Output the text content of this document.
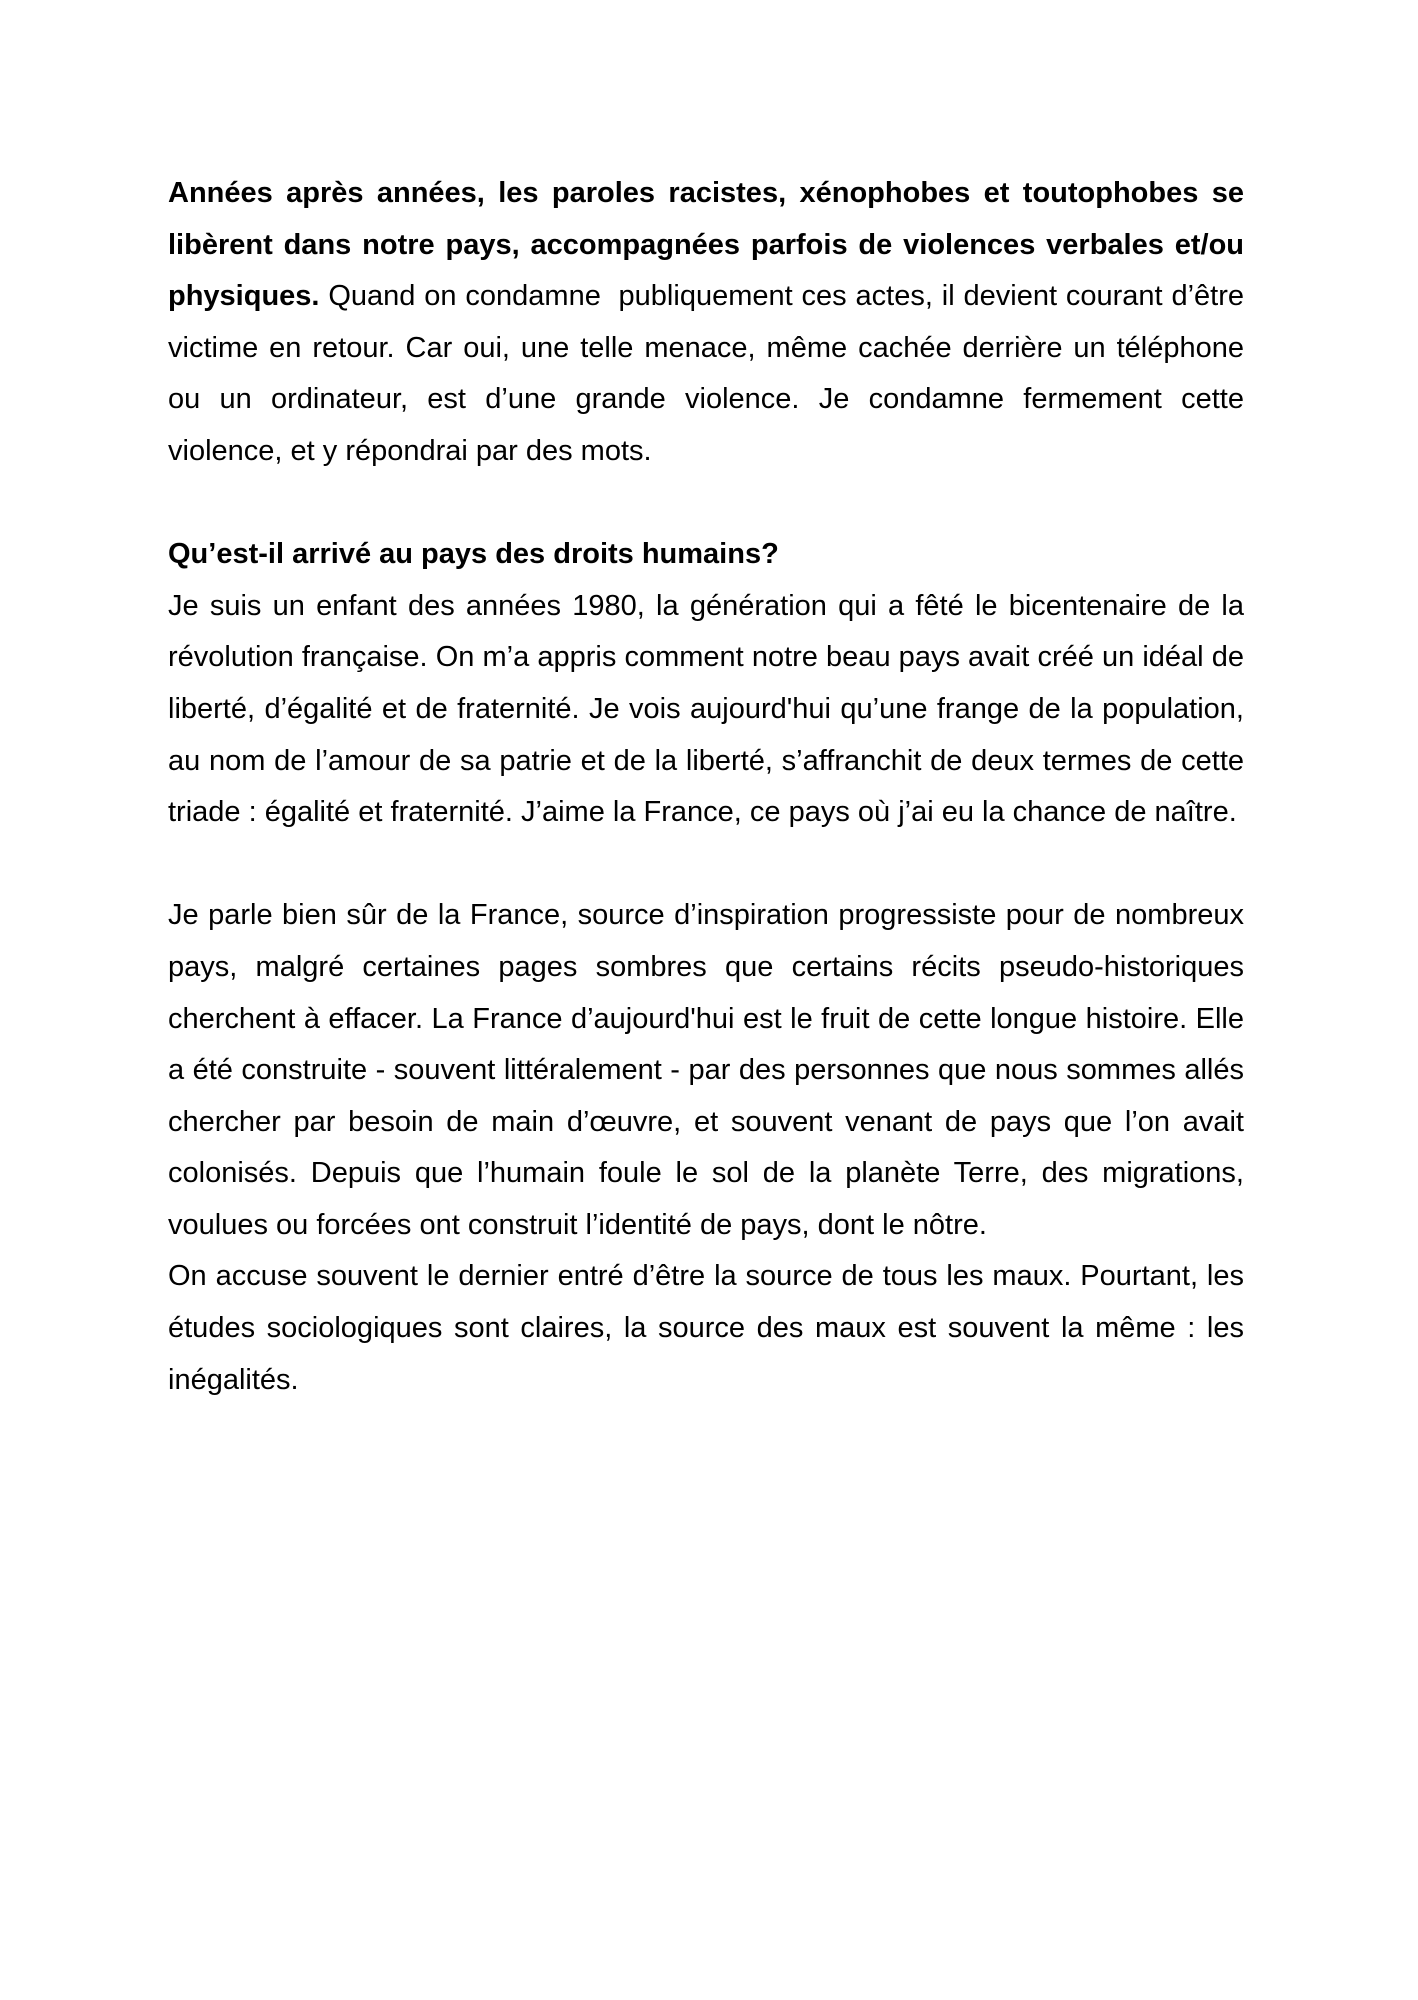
Années après années, les paroles racistes, xénophobes et toutophobes se libèrent dans notre pays, accompagnées parfois de violences verbales et/ou physiques. Quand on condamne  publiquement ces actes, il devient courant d’être victime en retour. Car oui, une telle menace, même cachée derrière un téléphone ou un ordinateur, est d’une grande violence. Je condamne fermement cette violence, et y répondrai par des mots.

Qu’est-il arrivé au pays des droits humains?

Je suis un enfant des années 1980, la génération qui a fêté le bicentenaire de la révolution française. On m’a appris comment notre beau pays avait créé un idéal de liberté, d’égalité et de fraternité. Je vois aujourd'hui qu’une frange de la population, au nom de l’amour de sa patrie et de la liberté, s’affranchit de deux termes de cette triade : égalité et fraternité. J’aime la France, ce pays où j’ai eu la chance de naître.

Je parle bien sûr de la France, source d’inspiration progressiste pour de nombreux pays, malgré certaines pages sombres que certains récits pseudo-historiques cherchent à effacer. La France d’aujourd'hui est le fruit de cette longue histoire. Elle a été construite - souvent littéralement - par des personnes que nous sommes allés chercher par besoin de main d’œuvre, et souvent venant de pays que l’on avait colonisés. Depuis que l’humain foule le sol de la planète Terre, des migrations, voulues ou forcées ont construit l’identité de pays, dont le nôtre.

On accuse souvent le dernier entré d’être la source de tous les maux. Pourtant, les études sociologiques sont claires, la source des maux est souvent la même : les inégalités.
